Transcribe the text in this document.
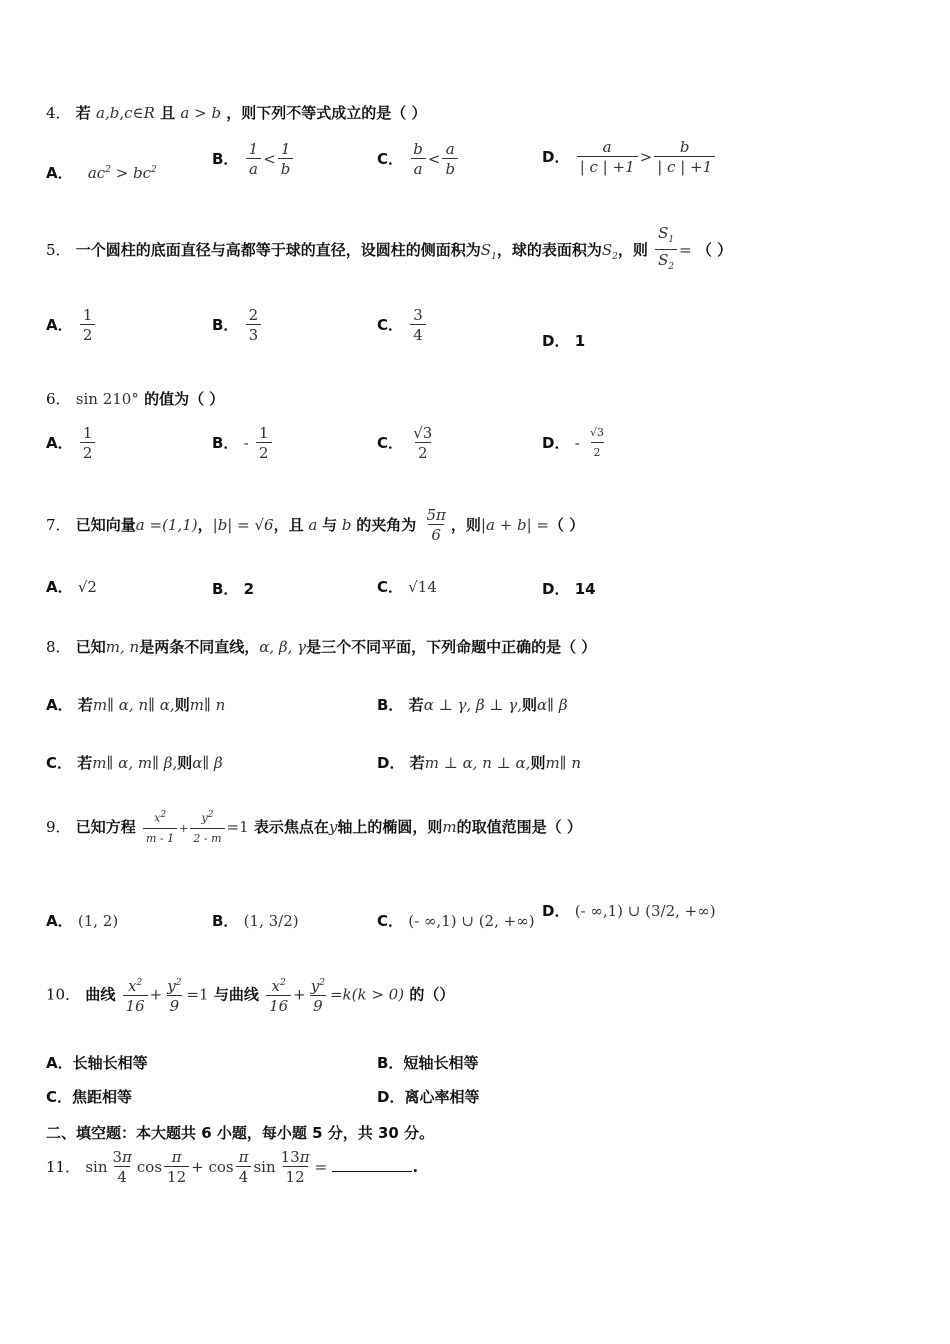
4． 若 a,b,c∈R 且 a > b ，则下列不等式成立的是（ ）
A． $ac^2 > bc^2$
B． $\frac{1}{a} < \frac{1}{b}$	C． $\frac{b}{a} < \frac{a}{b}$	D． $\frac{a}{| c | +1} > \frac{b}{| c | +1}$
5． 一个圆柱的底面直径与高都等于球的直径，设圆柱的侧面积为$S_1$，球的表面积为$S_2$，则 $\frac{S_1}{S_2}$ = （ ）
A． $\frac{1}{2}$	B． $\frac{2}{3}$	C． $\frac{3}{4}$	D． 1
6． sin 210° 的值为（ ）
A． $\frac{1}{2}$	B． - $\frac{1}{2}$	C． $\frac{√3}{2}$	D． - $\frac{√3}{2}$
7． 已知向量a =(1,1)，|b| = √6，且 a 与 b 的夹角为 $\frac{5\pi}{6}$ ，则|a + b| =（ ）
A． √2	B． 2	C． √14	D． 14
8． 已知m, n是两条不同直线，α, β, γ是三个不同平面，下列命题中正确的是（ ）
A． 若m∥ α, n∥ α,则m∥ n	B． 若α ⊥ γ, β ⊥ γ,则α∥ β
C． 若m∥ α, m∥ β,则α∥ β	D． 若m ⊥ α, n ⊥ α,则m∥ n
9． 已知方程 $\frac{x^2}{m - 1} + \frac{y^2}{2 - m} =1$ 表示焦点在y轴上的椭圆，则m的取值范围是（ ）
A． (1, 2)	B． (1, 3/2)	C． (- ∞,1) ∪ (2, +∞)
D． (- ∞,1) ∪ (3/2, +∞)
10． 曲线 $\frac{x^2}{16} + \frac{y^2}{9} =1$ 与曲线 $\frac{x^2}{16} + \frac{y^2}{9} =k(k > 0)$ 的（）
A．长轴长相等	B．短轴长相等
C．焦距相等	D．离心率相等
二、填空题：本大题共 6 小题，每小题 5 分，共 30 分。
11． $\sin \frac{3\pi}{4}$ $\cos \frac{\pi}{12} + \cos \frac{\pi}{4}$ $\sin \frac{13\pi}{12}$ =	.
